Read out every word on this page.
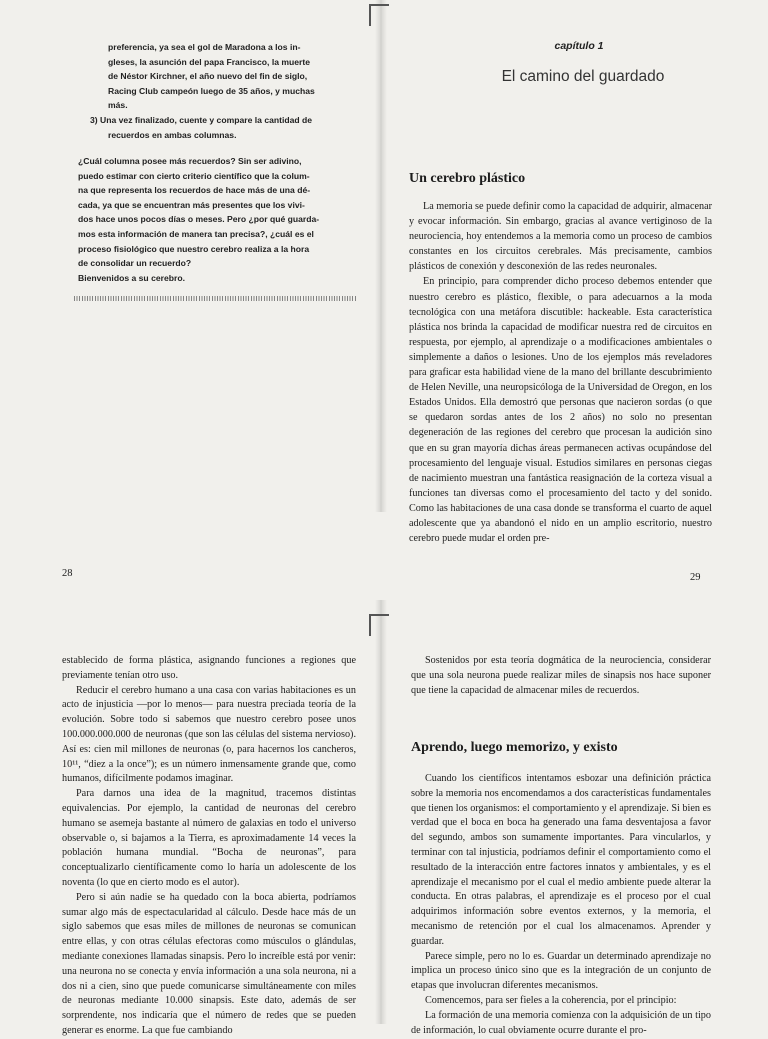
preferencia, ya sea el gol de Maradona a los in-

gleses, la asunción del papa Francisco, la muerte

de Néstor Kirchner, el año nuevo del fin de siglo,

Racing Club campeón luego de 35 años, y muchas

más.

3) Una vez finalizado, cuente y compare la cantidad de

recuerdos en ambas columnas.

¿Cuál columna posee más recuerdos? Sin ser adivino,

puedo estimar con cierto criterio científico que la colum-

na que representa los recuerdos de hace más de una dé-

cada, ya que se encuentran más presentes que los vivi-

dos hace unos pocos días o meses. Pero ¿por qué guarda-

mos esta información de manera tan precisa?, ¿cuál es el

proceso fisiológico que nuestro cerebro realiza a la hora

de consolidar un recuerdo?

Bienvenidos a su cerebro.

capítulo 1
El camino del guardado
Un cerebro plástico

La memoria se puede definir como la capacidad de adquirir, almacenar y evocar información. Sin embargo, gracias al avance vertiginoso de la neurociencia, hoy entendemos a la memoria como un proceso de cambios constantes en los circuitos cerebrales. Más precisamente, cambios plásticos de conexión y desconexión de las redes neuronales.

En principio, para comprender dicho proceso debemos entender que nuestro cerebro es plástico, flexible, o para adecuarnos a la moda tecnológica con una metáfora discutible: hackeable. Esta característica plástica nos brinda la capacidad de modificar nuestra red de circuitos en respuesta, por ejemplo, al aprendizaje o a modificaciones ambientales o simplemente a daños o lesiones. Uno de los ejemplos más reveladores para graficar esta habilidad viene de la mano del brillante descubrimiento de Helen Neville, una neuropsicóloga de la Universidad de Oregon, en los Estados Unidos. Ella demostró que personas que nacieron sordas (o que se quedaron sordas antes de los 2 años) no solo no presentan degeneración de las regiones del cerebro que procesan la audición sino que en su gran mayoría dichas áreas permanecen activas ocupándose del procesamiento del lenguaje visual. Estudios similares en personas ciegas de nacimiento muestran una fantástica reasignación de la corteza visual a funciones tan diversas como el procesamiento del tacto y del sonido. Como las habitaciones de una casa donde se transforma el cuarto de aquel adolescente que ya abandonó el nido en un amplio escritorio, nuestro cerebro puede mudar el orden pre-

28	29

establecido de forma plástica, asignando funciones a regiones que previamente tenían otro uso.

Reducir el cerebro humano a una casa con varias habitaciones es un acto de injusticia —por lo menos— para nuestra preciada teoría de la evolución. Sobre todo si sabemos que nuestro cerebro posee unos 100.000.000.000 de neuronas (que son las células del sistema nervioso). Así es: cien mil millones de neuronas (o, para hacernos los cancheros, 10¹¹, “diez a la once”); es un número inmensamente grande que, como humanos, difícilmente podamos imaginar.

Para darnos una idea de la magnitud, tracemos distintas equivalencias. Por ejemplo, la cantidad de neuronas del cerebro humano se asemeja bastante al número de galaxias en todo el universo observable o, si bajamos a la Tierra, es aproximadamente 14 veces la población humana mundial. “Bocha de neuronas”, para conceptualizarlo científicamente como lo haría un adolescente de los noventa (lo que en cierto modo es el autor).

Pero si aún nadie se ha quedado con la boca abierta, podríamos sumar algo más de espectacularidad al cálculo. Desde hace más de un siglo sabemos que esas miles de millones de neuronas se comunican entre ellas, y con otras células efectoras como músculos o glándulas, mediante conexiones llamadas sinapsis. Pero lo increíble está por venir: una neurona no se conecta y envía información a una sola neurona, ni a dos ni a cien, sino que puede comunicarse simultáneamente con miles de neuronas mediante 10.000 sinapsis. Este dato, además de ser sorprendente, nos indicaría que el número de redes que se pueden generar es enorme. La que fue cambiando

Sostenidos por esta teoría dogmática de la neurociencia, considerar que una sola neurona puede realizar miles de sinapsis nos hace suponer que tiene la capacidad de almacenar miles de recuerdos.

Aprendo, luego memorizo, y existo

Cuando los científicos intentamos esbozar una definición práctica sobre la memoria nos encomendamos a dos características fundamentales que tienen los organismos: el comportamiento y el aprendizaje. Si bien es verdad que el boca en boca ha generado una fama desventajosa a favor del segundo, ambos son sumamente importantes. Para vincularlos, y terminar con tal injusticia, podríamos definir el comportamiento como el resultado de la interacción entre factores innatos y ambientales, y es el aprendizaje el mecanismo por el cual el medio ambiente puede alterar la conducta. En otras palabras, el aprendizaje es el proceso por el cual adquirimos información sobre eventos externos, y la memoria, el mecanismo de retención por el cual los almacenamos. Aprender y guardar.

Parece simple, pero no lo es. Guardar un determinado aprendizaje no implica un proceso único sino que es la integración de un conjunto de etapas que involucran diferentes mecanismos.

Comencemos, para ser fieles a la coherencia, por el principio:

La formación de una memoria comienza con la adquisición de un tipo de información, lo cual obviamente ocurre durante el pro-
